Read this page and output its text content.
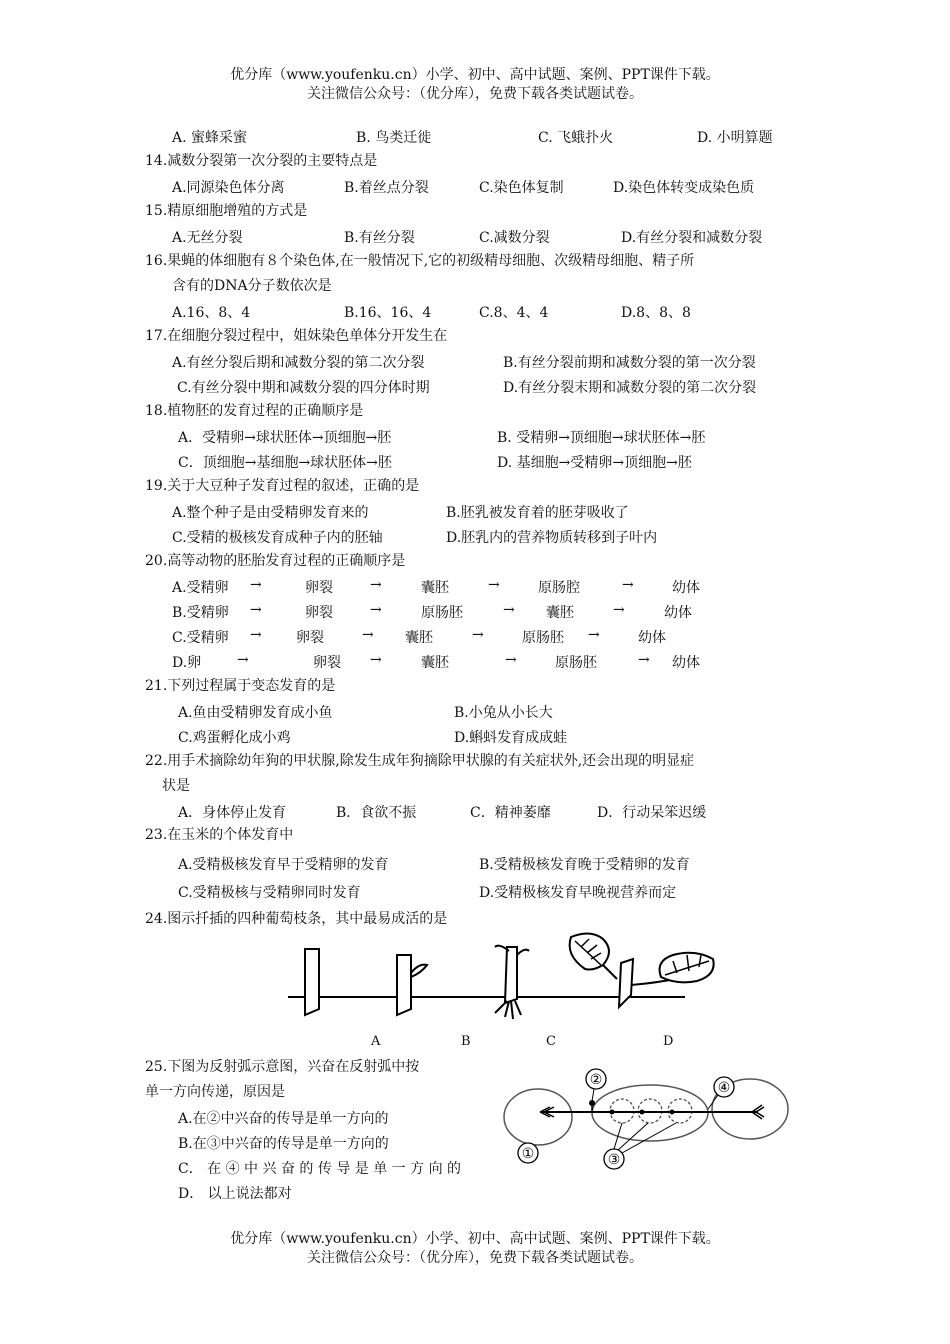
优分库（www.youfenku.cn）小学、初中、高中试题、案例、PPT课件下载。
关注微信公众号：（优分库），免费下载各类试题试卷。
A. 蜜蜂采蜜	B. 鸟类迁徙	C. 飞蛾扑火	D. 小明算题
14.减数分裂第一次分裂的主要特点是
A.同源染色体分离	B.着丝点分裂	C.染色体复制	D.染色体转变成染色质
15.精原细胞增殖的方式是
A.无丝分裂	B.有丝分裂	C.减数分裂	D.有丝分裂和减数分裂
16.果蝇的体细胞有８个染色体,在一般情况下,它的初级精母细胞、次级精母细胞、精子所
含有的DNA分子数依次是
A.16、8、4	B.16、16、4	C.8、4、4	D.8、8、8
17.在细胞分裂过程中，姐妹染色单体分开发生在
A.有丝分裂后期和减数分裂的第二次分裂	B.有丝分裂前期和减数分裂的第一次分裂
C.有丝分裂中期和减数分裂的四分体时期	D.有丝分裂末期和减数分裂的第二次分裂
18.植物胚的发育过程的正确顺序是
A．受精卵→球状胚体→顶细胞→胚	B. 受精卵→顶细胞→球状胚体→胚
C．顶细胞→基细胞→球状胚体→胚	D. 基细胞→受精卵→顶细胞→胚
19.关于大豆种子发育过程的叙述，正确的是
A.整个种子是由受精卵发育来的	B.胚乳被发育着的胚芽吸收了
C.受精的极核发育成种子内的胚轴	D.胚乳内的营养物质转移到子叶内
20.高等动物的胚胎发育过程的正确顺序是
A.受精卵 →	卵裂	→	囊胚	→	原肠腔	→	幼体
B.受精卵 →	卵裂	→	原肠胚	→ 囊胚	→	幼体
C.受精卵 → 卵裂	→ 囊胚	→	原肠胚 →	幼体
D.卵	→	卵裂 →	囊胚	→	原肠胚	→ 幼体
21.下列过程属于变态发育的是
A.鱼由受精卵发育成小鱼	B.小兔从小长大
C.鸡蛋孵化成小鸡	D.蝌蚪发育成成蛙
22.用手术摘除幼年狗的甲状腺,除发生成年狗摘除甲状腺的有关症状外,还会出现的明显症
状是
A．身体停止发育	B．食欲不振	C．精神萎靡	D．行动呆笨迟缓
23.在玉米的个体发育中
A.受精极核发育早于受精卵的发育	B.受精极核发育晚于受精卵的发育
C.受精极核与受精卵同时发育	D.受精极核发育早晚视营养而定
24.图示扦插的四种葡萄枝条，其中最易成活的是
A	B	C	D
25.下图为反射弧示意图，兴奋在反射弧中按
单一方向传递，原因是
A.在②中兴奋的传导是单一方向的
B.在③中兴奋的传导是单一方向的
C． 在 ④ 中 兴 奋 的 传 导 是 单 一 方 向 的
D． 以上说法都对
②	④
①	③
优分库（www.youfenku.cn）小学、初中、高中试题、案例、PPT课件下载。
关注微信公众号：（优分库），免费下载各类试题试卷。
